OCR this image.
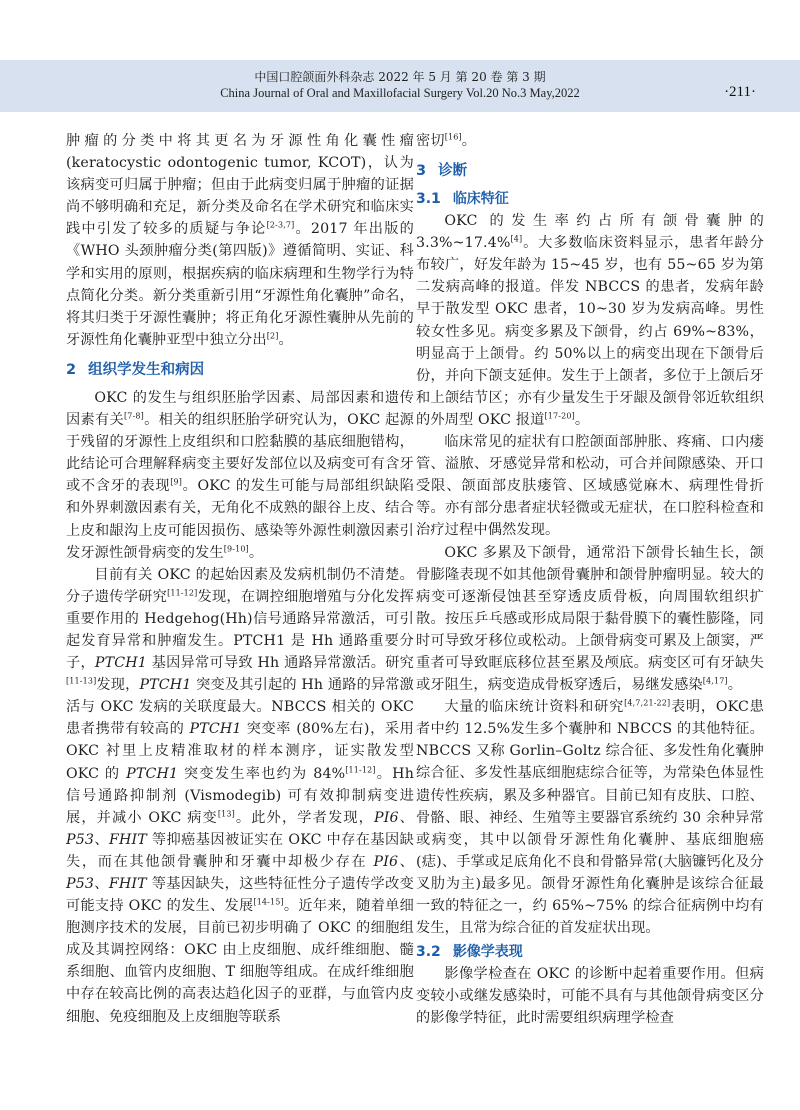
中国口腔颌面外科杂志 2022 年 5 月 第 20 卷 第 3 期
China Journal of Oral and Maxillofacial Surgery Vol.20 No.3 May,2022	·211·

肿瘤的分类中将其更名为牙源性角化囊性瘤(keratocystic odontogenic tumor, KCOT)，认为该病变可归属于肿瘤；但由于此病变归属于肿瘤的证据尚不够明确和充足，新分类及命名在学术研究和临床实践中引发了较多的质疑与争论[2-3,7]。2017 年出版的《WHO 头颈肿瘤分类(第四版)》遵循简明、实证、科学和实用的原则，根据疾病的临床病理和生物学行为特点简化分类。新分类重新引用“牙源性角化囊肿”命名，将其归类于牙源性囊肿；将正角化牙源性囊肿从先前的牙源性角化囊肿亚型中独立分出[2]。

2 组织学发生和病因

OKC 的发生与组织胚胎学因素、局部因素和遗传因素有关[7-8]。相关的组织胚胎学研究认为，OKC 起源于残留的牙源性上皮组织和口腔黏膜的基底细胞错构，此结论可合理解释病变主要好发部位以及病变可有含牙或不含牙的表现[9]。OKC 的发生可能与局部组织缺陷和外界刺激因素有关，无角化不成熟的龈谷上皮、结合上皮和龈沟上皮可能因损伤、感染等外源性刺激因素引发牙源性颌骨病变的发生[9-10]。

目前有关 OKC 的起始因素及发病机制仍不清楚。分子遗传学研究[11-12]发现，在调控细胞增殖与分化发挥重要作用的 Hedgehog(Hh)信号通路异常激活，可引起发育异常和肿瘤发生。PTCH1 是 Hh 通路重要分子，PTCH1 基因异常可导致 Hh 通路异常激活。研究[11-13]发现，PTCH1 突变及其引起的 Hh 通路的异常激活与 OKC 发病的关联度最大。NBCCS 相关的 OKC 患者携带有较高的 PTCH1 突变率 (80%左右)，采用 OKC 衬里上皮精准取材的样本测序，证实散发型 OKC 的 PTCH1 突变发生率也约为 84%[11-12]。Hh 信号通路抑制剂 (Vismodegib) 可有效抑制病变进展，并减小 OKC 病变[13]。此外，学者发现，PI6、P53、FHIT 等抑癌基因被证实在 OKC 中存在基因缺失，而在其他颌骨囊肿和牙囊中却极少存在 PI6、P53、FHIT 等基因缺失，这些特征性分子遗传学改变可能支持 OKC 的发生、发展[14-15]。近年来，随着单细胞测序技术的发展，目前已初步明确了 OKC 的细胞组成及其调控网络：OKC 由上皮细胞、成纤维细胞、髓系细胞、血管内皮细胞、T 细胞等组成。在成纤维细胞中存在较高比例的高表达趋化因子的亚群，与血管内皮细胞、免疫细胞及上皮细胞等联系

密切[16]。

3 诊断
3.1 临床特征

OKC 的发生率约占所有颌骨囊肿的 3.3%~17.4%[4]。大多数临床资料显示，患者年龄分布较广，好发年龄为 15~45 岁，也有 55~65 岁为第二发病高峰的报道。伴发 NBCCS 的患者，发病年龄早于散发型 OKC 患者，10~30 岁为发病高峰。男性较女性多见。病变多累及下颌骨，约占 69%~83%，明显高于上颌骨。约 50%以上的病变出现在下颌骨后份，并向下颌支延伸。发生于上颌者，多位于上颌后牙和上颌结节区；亦有少量发生于牙龈及颌骨邻近软组织的外周型 OKC 报道[17-20]。

临床常见的症状有口腔颌面部肿胀、疼痛、口内瘘管、溢脓、牙感觉异常和松动，可合并间隙感染、开口受限、颌面部皮肤瘘管、区域感觉麻木、病理性骨折等。亦有部分患者症状轻微或无症状，在口腔科检查和治疗过程中偶然发现。

OKC 多累及下颌骨，通常沿下颌骨长轴生长，颌骨膨隆表现不如其他颌骨囊肿和颌骨肿瘤明显。较大的病变可逐渐侵蚀甚至穿透皮质骨板，向周围软组织扩散。按压乒乓感或形成局限于黏骨膜下的囊性膨隆，同时可导致牙移位或松动。上颌骨病变可累及上颌窦，严重者可导致眶底移位甚至累及颅底。病变区可有牙缺失或牙阻生，病变造成骨板穿透后，易继发感染[4,17]。

大量的临床统计资料和研究[4,7,21-22]表明，OKC患者中约 12.5%发生多个囊肿和 NBCCS 的其他特征。NBCCS 又称 Gorlin–Goltz 综合征、多发性角化囊肿综合征、多发性基底细胞痣综合征等，为常染色体显性遗传性疾病，累及多种器官。目前已知有皮肤、口腔、骨骼、眼、神经、生殖等主要器官系统约 30 余种异常或病变，其中以颌骨牙源性角化囊肿、基底细胞癌(痣)、手掌或足底角化不良和骨骼异常(大脑镰钙化及分叉肋为主)最多见。颌骨牙源性角化囊肿是该综合征最一致的特征之一，约 65%~75% 的综合征病例中均有发生，且常为综合征的首发症状出现。

3.2 影像学表现

影像学检查在 OKC 的诊断中起着重要作用。但病变较小或继发感染时，可能不具有与其他颌骨病变区分的影像学特征，此时需要组织病理学检查
